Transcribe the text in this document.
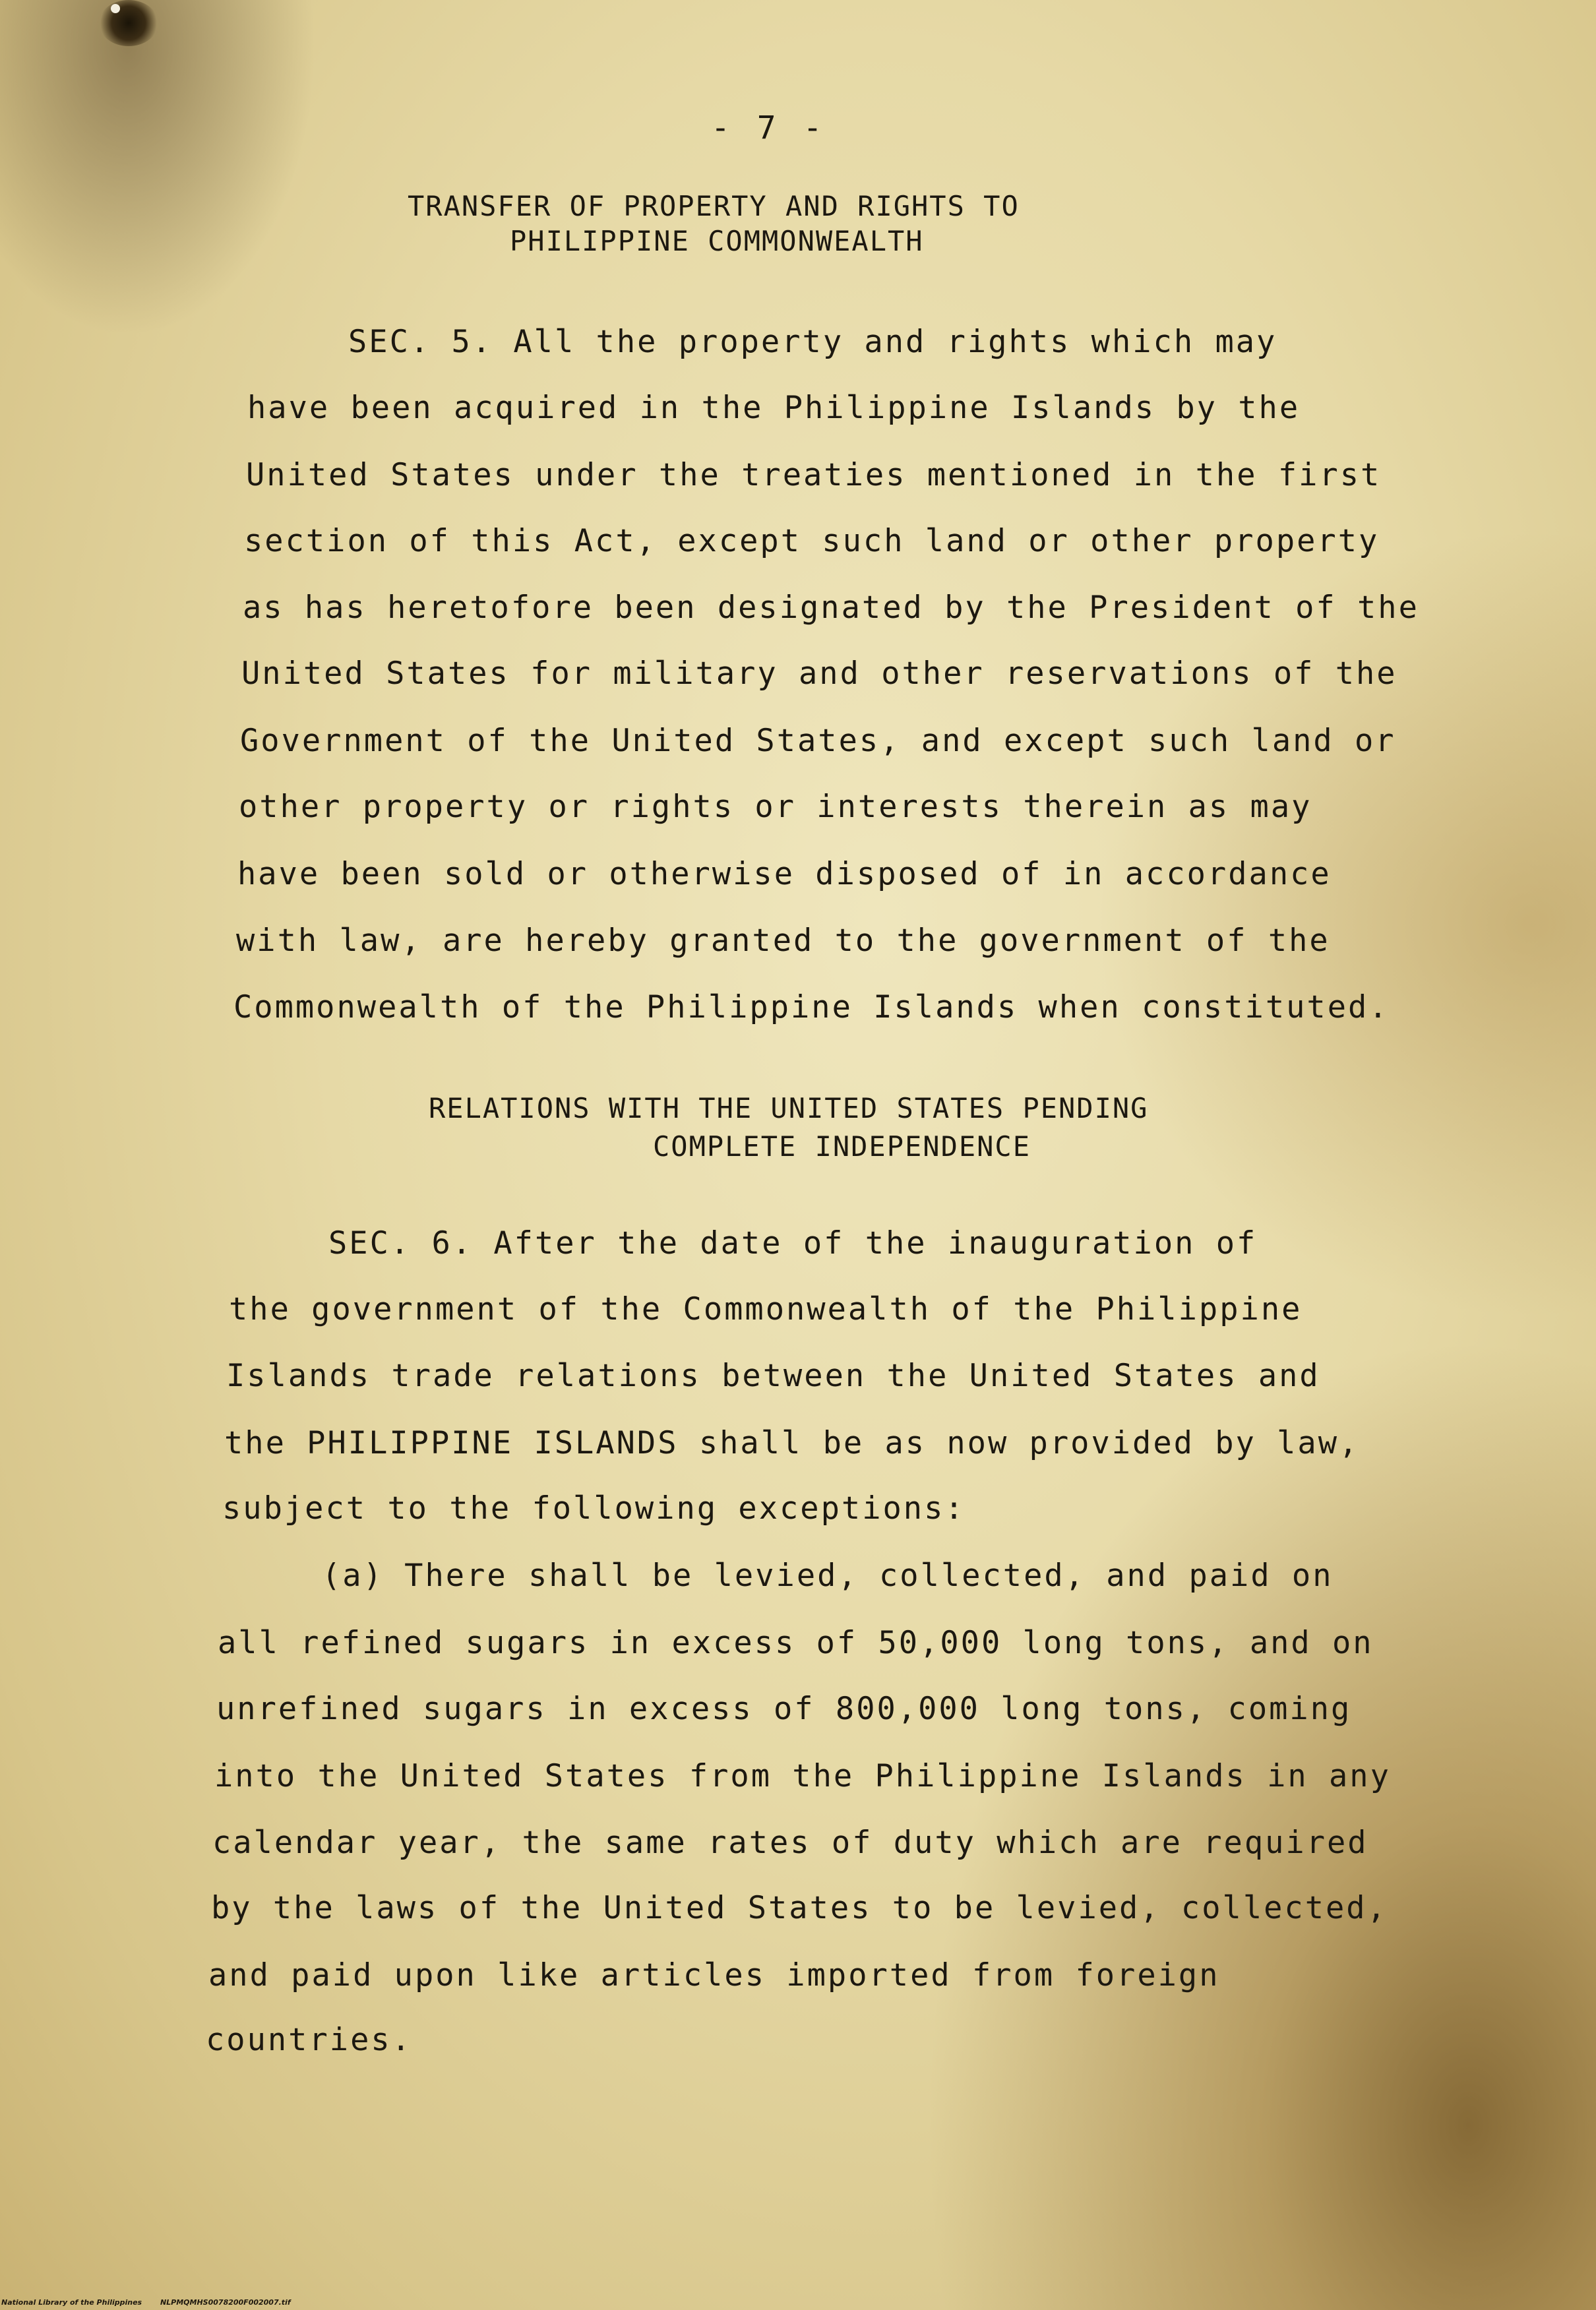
- 7 -
TRANSFER OF PROPERTY AND RIGHTS TO
PHILIPPINE COMMONWEALTH
SEC. 5. All the property and rights which may
have been acquired in the Philippine Islands by the
United States under the treaties mentioned in the first
section of this Act, except such land or other property
as has heretofore been designated by the President of the
United States for military and other reservations of the
Government of the United States, and except such land or
other property or rights or interests therein as may
have been sold or otherwise disposed of in accordance
with law, are hereby granted to the government of the
Commonwealth of the Philippine Islands when constituted.
RELATIONS WITH THE UNITED STATES PENDING
COMPLETE INDEPENDENCE
SEC. 6. After the date of the inauguration of
the government of the Commonwealth of the Philippine
Islands trade relations between the United States and
the PHILIPPINE ISLANDS shall be as now provided by law,
subject to the following exceptions:
(a) There shall be levied, collected, and paid on
all refined sugars in excess of 50,000 long tons, and on
unrefined sugars in excess of 800,000 long tons, coming
into the United States from the Philippine Islands in any
calendar year, the same rates of duty which are required
by the laws of the United States to be levied, collected,
and paid upon like articles imported from foreign
countries.
National Library of the Philippines	NLPMQMHS0078200F002007.tif
